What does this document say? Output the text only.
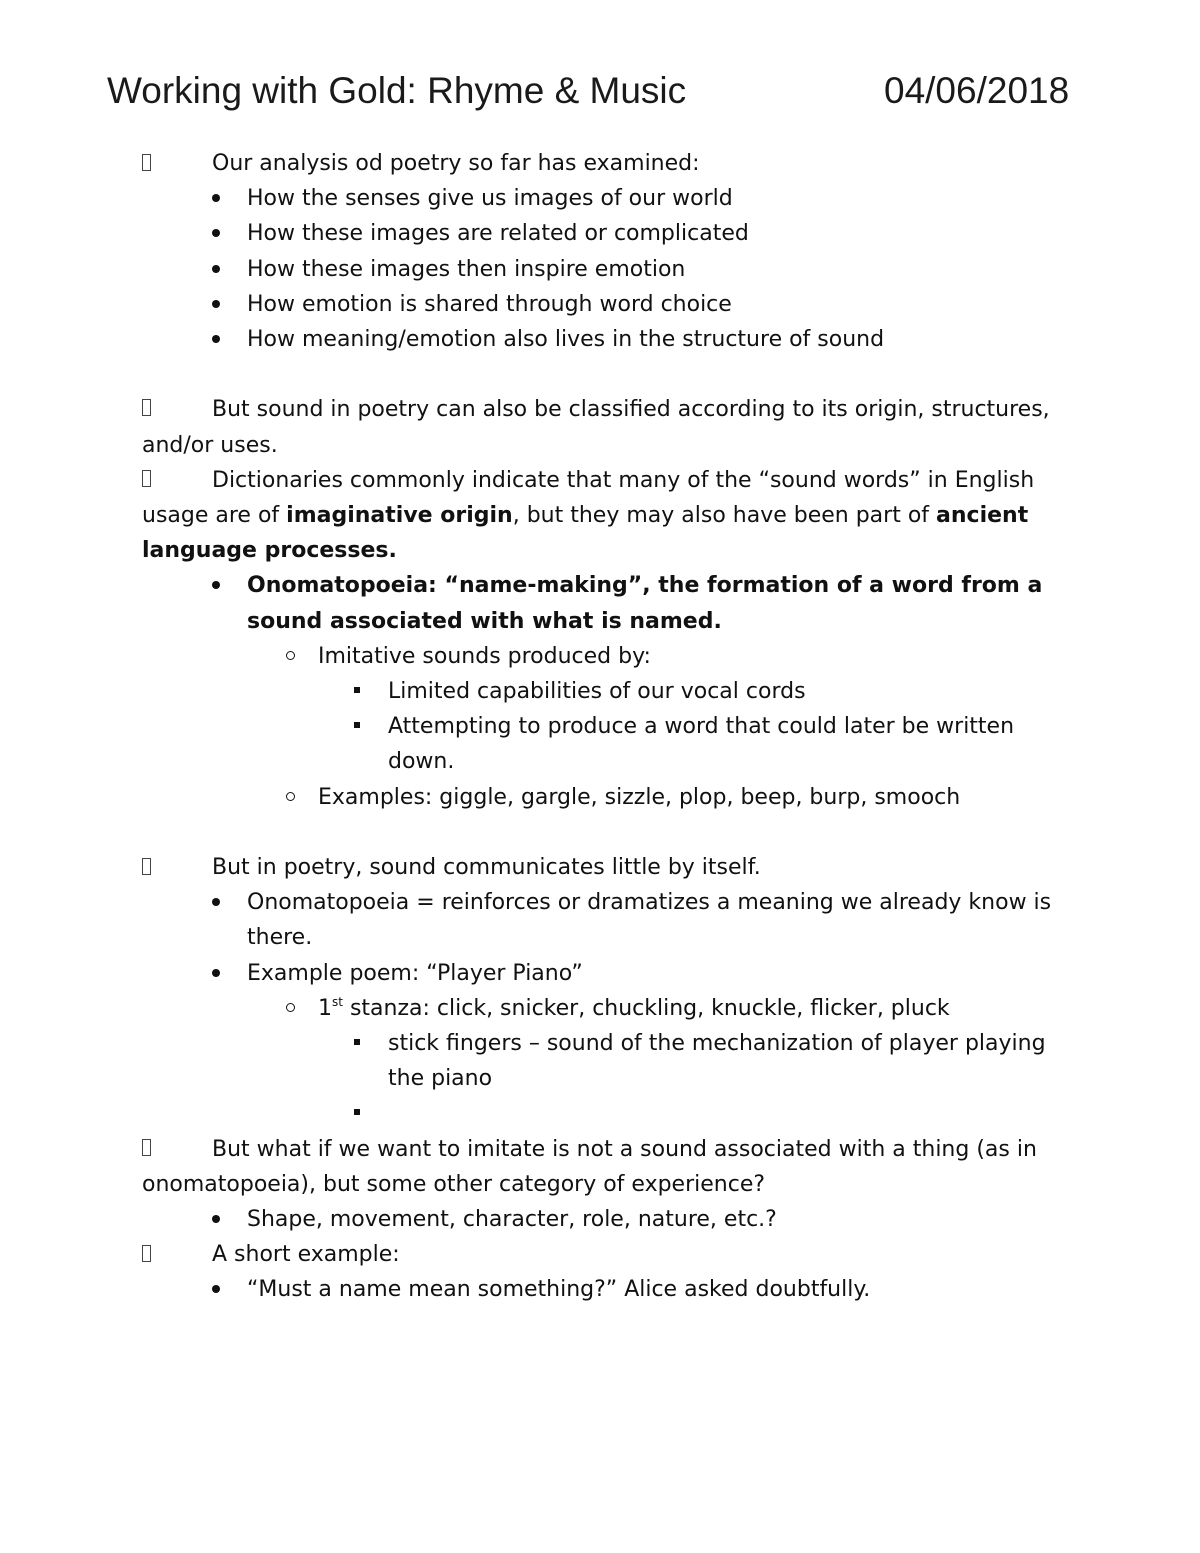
Working with Gold: Rhyme & Music	04/06/2018

Our analysis od poetry so far has examined:

How the senses give us images of our world
How these images are related or complicated
How these images then inspire emotion
How emotion is shared through word choice
How meaning/emotion also lives in the structure of sound

But sound in poetry can also be classified according to its origin, structures, and/or uses.

Dictionaries commonly indicate that many of the “sound words” in English usage are of imaginative origin, but they may also have been part of ancient language processes.

Onomatopoeia: “name-making”, the formation of a word from a sound associated with what is named.
Imitative sounds produced by:
Limited capabilities of our vocal cords
Attempting to produce a word that could later be written down.
Examples: giggle, gargle, sizzle, plop, beep, burp, smooch

But in poetry, sound communicates little by itself.

Onomatopoeia = reinforces or dramatizes a meaning we already know is there.
Example poem: “Player Piano”
1st stanza: click, snicker, chuckling, knuckle, flicker, pluck
stick fingers – sound of the mechanization of player playing the piano

But what if we want to imitate is not a sound associated with a thing (as in onomatopoeia), but some other category of experience?

Shape, movement, character, role, nature, etc.?

A short example:

“Must a name mean something?” Alice asked doubtfully.
